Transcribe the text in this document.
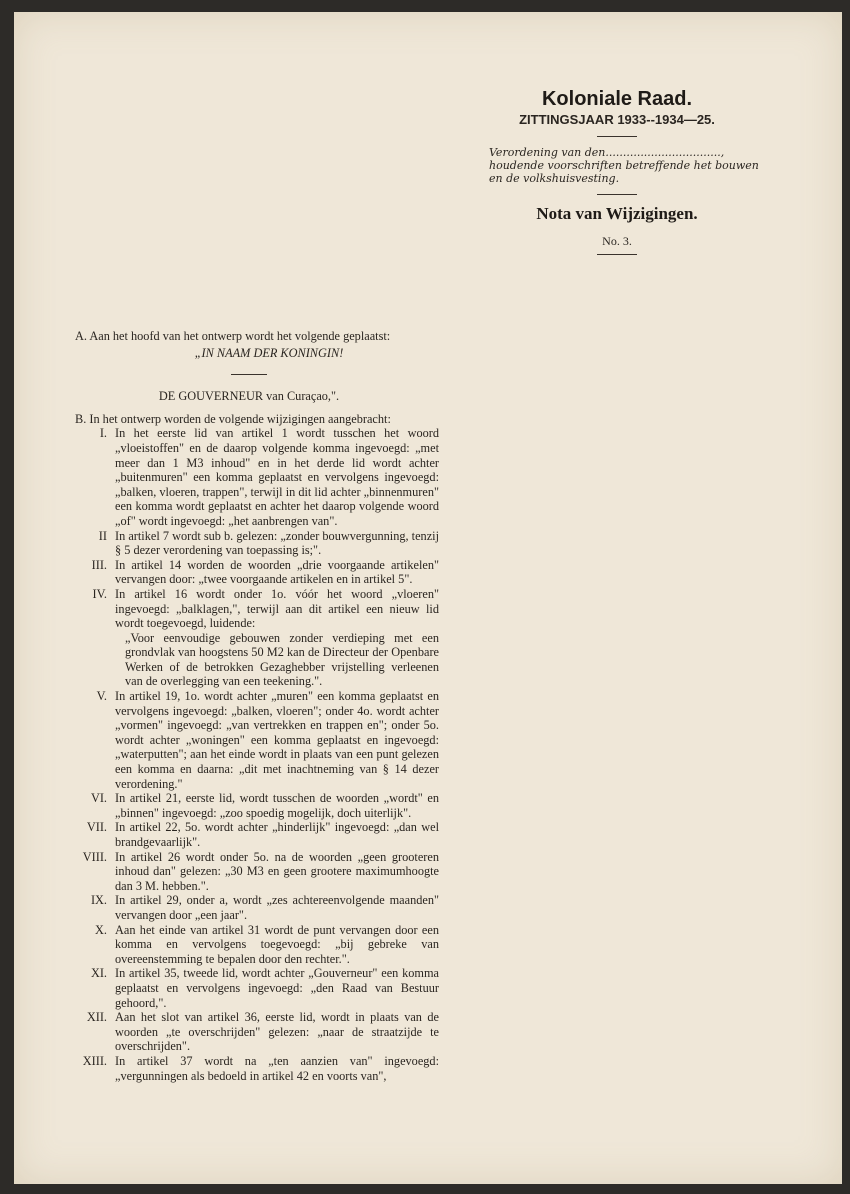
Koloniale Raad.

ZITTINGSJAAR 1933--1934—25.

Verordening van den................................., houdende voorschriften betreffende het bouwen en de volkshuisvesting.
Nota van Wijzigingen.
No. 3.

A. Aan het hoofd van het ontwerp wordt het volgende geplaatst:

„IN NAAM DER KONINGIN!

DE GOUVERNEUR van Curaçao,".

B. In het ontwerp worden de volgende wijzigingen aangebracht:

I. In het eerste lid van artikel 1 wordt tusschen het woord „vloeistoffen" en de daarop volgende komma ingevoegd: „met meer dan 1 M3 inhoud" en in het derde lid wordt achter „buitenmuren" een komma geplaatst en vervolgens ingevoegd: „balken, vloeren, trappen", terwijl in dit lid achter „binnenmuren" een komma wordt geplaatst en achter het daarop volgende woord „of" wordt ingevoegd: „het aanbrengen van".

II In artikel 7 wordt sub b. gelezen: „zonder bouwvergunning, tenzij § 5 dezer verordening van toepassing is;".

III. In artikel 14 worden de woorden „drie voorgaande artikelen" vervangen door: „twee voorgaande artikelen en in artikel 5".

IV. In artikel 16 wordt onder 1o. vóór het woord „vloeren" ingevoegd: „balklagen,", terwijl aan dit artikel een nieuw lid wordt toegevoegd, luidende:

„Voor eenvoudige gebouwen zonder verdieping met een grondvlak van hoogstens 50 M2 kan de Directeur der Openbare Werken of de betrokken Gezaghebber vrijstelling verleenen van de overlegging van een teekening.".

V. In artikel 19, 1o. wordt achter „muren" een komma geplaatst en vervolgens ingevoegd: „balken, vloeren"; onder 4o. wordt achter „vormen" ingevoegd: „van vertrekken en trappen en"; onder 5o. wordt achter „woningen" een komma geplaatst en ingevoegd: „waterputten"; aan het einde wordt in plaats van een punt gelezen een komma en daarna: „dit met inachtneming van § 14 dezer verordening."

VI. In artikel 21, eerste lid, wordt tusschen de woorden „wordt" en „binnen" ingevoegd: „zoo spoedig mogelijk, doch uiterlijk".

VII. In artikel 22, 5o. wordt achter „hinderlijk" ingevoegd: „dan wel brandgevaarlijk".

VIII. In artikel 26 wordt onder 5o. na de woorden „geen grooteren inhoud dan" gelezen: „30 M3 en geen grootere maximumhoogte dan 3 M. hebben.".

IX. In artikel 29, onder a, wordt „zes achtereenvolgende maanden" vervangen door „een jaar".

X. Aan het einde van artikel 31 wordt de punt vervangen door een komma en vervolgens toegevoegd: „bij gebreke van overeenstemming te bepalen door den rechter.".

XI. In artikel 35, tweede lid, wordt achter „Gouverneur" een komma geplaatst en vervolgens ingevoegd: „den Raad van Bestuur gehoord,".

XII. Aan het slot van artikel 36, eerste lid, wordt in plaats van de woorden „te overschrijden" gelezen: „naar de straatzijde te overschrijden".

XIII. In artikel 37 wordt na „ten aanzien van" ingevoegd: „vergunningen als bedoeld in artikel 42 en voorts van",
